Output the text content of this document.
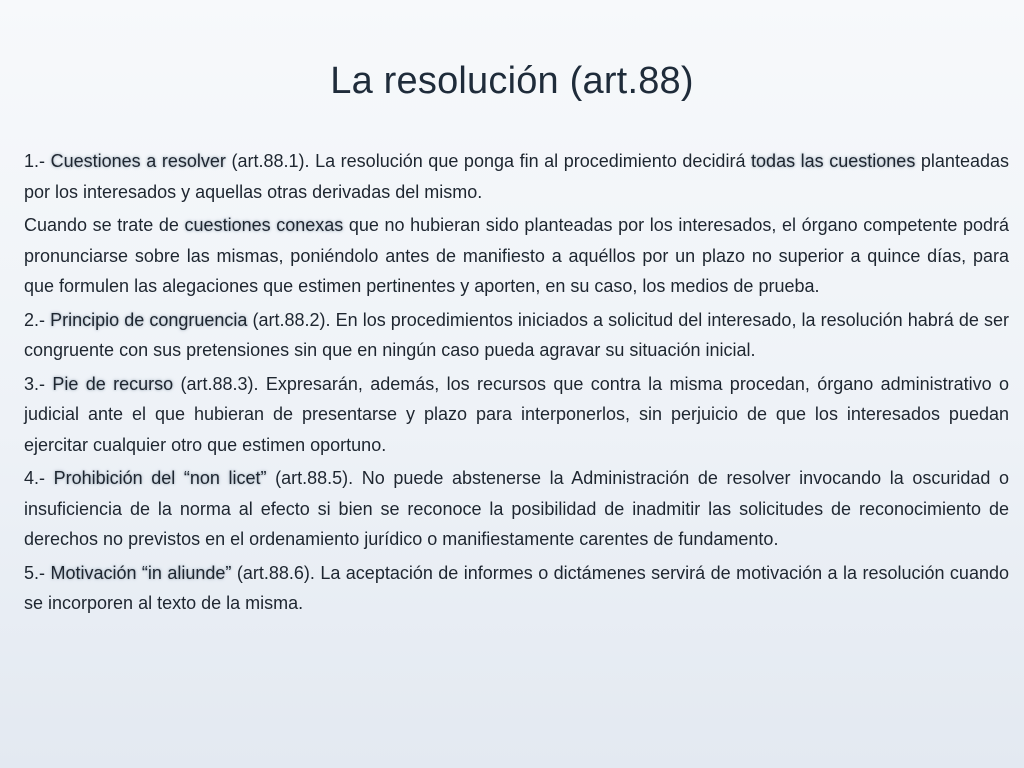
La resolución (art.88)

1.- Cuestiones a resolver (art.88.1). La resolución que ponga fin al procedimiento decidirá todas las cuestiones planteadas por los interesados y aquellas otras derivadas del mismo.

Cuando se trate de cuestiones conexas que no hubieran sido planteadas por los interesados, el órgano competente podrá pronunciarse sobre las mismas, poniéndolo antes de manifiesto a aquéllos por un plazo no superior a quince días, para que formulen las alegaciones que estimen pertinentes y aporten, en su caso, los medios de prueba.

2.- Principio de congruencia (art.88.2). En los procedimientos iniciados a solicitud del interesado, la resolución habrá de ser congruente con sus pretensiones sin que en ningún caso pueda agravar su situación inicial.

3.- Pie de recurso (art.88.3). Expresarán, además, los recursos que contra la misma procedan, órgano administrativo o judicial ante el que hubieran de presentarse y plazo para interponerlos, sin perjuicio de que los interesados puedan ejercitar cualquier otro que estimen oportuno.

4.- Prohibición del “non licet” (art.88.5). No puede abstenerse la Administración de resolver invocando la oscuridad o insuficiencia de la norma al efecto si bien se reconoce la posibilidad de inadmitir las solicitudes de reconocimiento de derechos no previstos en el ordenamiento jurídico o manifiestamente carentes de fundamento.

5.- Motivación “in aliunde” (art.88.6). La aceptación de informes o dictámenes servirá de motivación a la resolución cuando se incorporen al texto de la misma.
